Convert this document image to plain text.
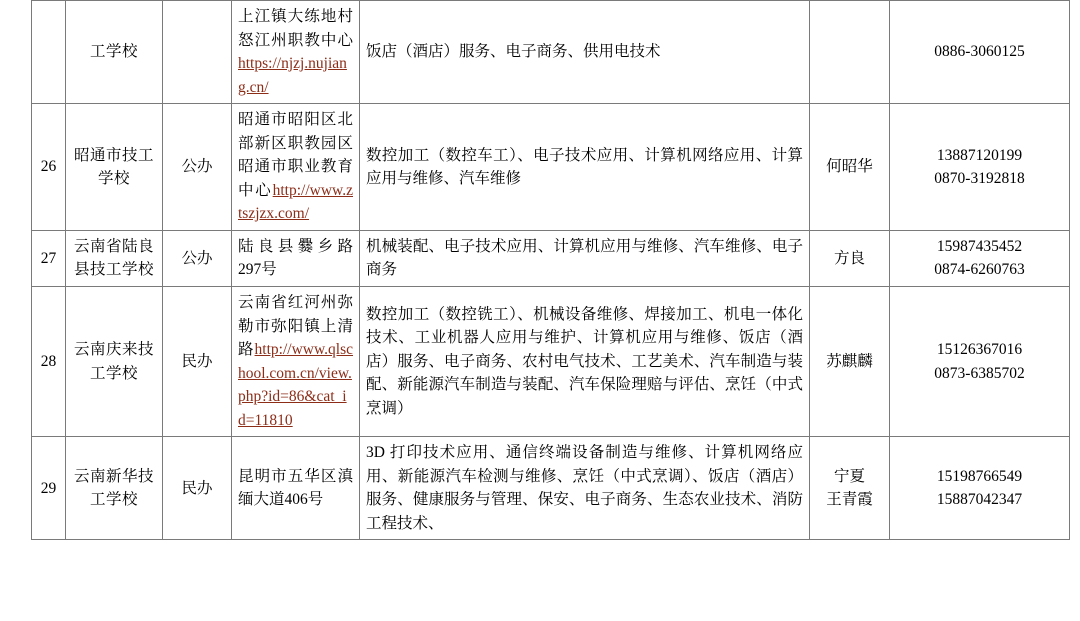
	工学校		上江镇大练地村怒江州职教中心https://njzj.nujiang.cn/	饭店（酒店）服务、电子商务、供用电技术		0886-3060125

26	昭通市技工学校	公办	昭通市昭阳区北部新区职教园区昭通市职业教育中心http://www.ztszjzx.com/	数控加工（数控车工）、电子技术应用、计算机网络应用、计算应用与维修、汽车维修	何昭华	13887120199
0870-3192818

27	云南省陆良县技工学校	公办	陆良县爨乡路297号	机械装配、电子技术应用、计算机应用与维修、汽车维修、电子商务	方良	15987435452
0874-6260763

28	云南庆来技工学校	民办	云南省红河州弥勒市弥阳镇上清路http://www.qlschool.com.cn/view.php?id=86&cat_id=11810	数控加工（数控铣工）、机械设备维修、焊接加工、机电一体化技术、工业机器人应用与维护、计算机应用与维修、饭店（酒店）服务、电子商务、农村电气技术、工艺美术、汽车制造与装配、新能源汽车制造与装配、汽车保险理赔与评估、烹饪（中式烹调）	苏麒麟	15126367016
0873-6385702

29	云南新华技工学校	民办	昆明市五华区滇缅大道406号	3D 打印技术应用、通信终端设备制造与维修、计算机网络应用、新能源汽车检测与维修、烹饪（中式烹调）、饭店（酒店）服务、健康服务与管理、保安、电子商务、生态农业技术、消防工程技术、	宁夏
王青霞	15198766549
15887042347
